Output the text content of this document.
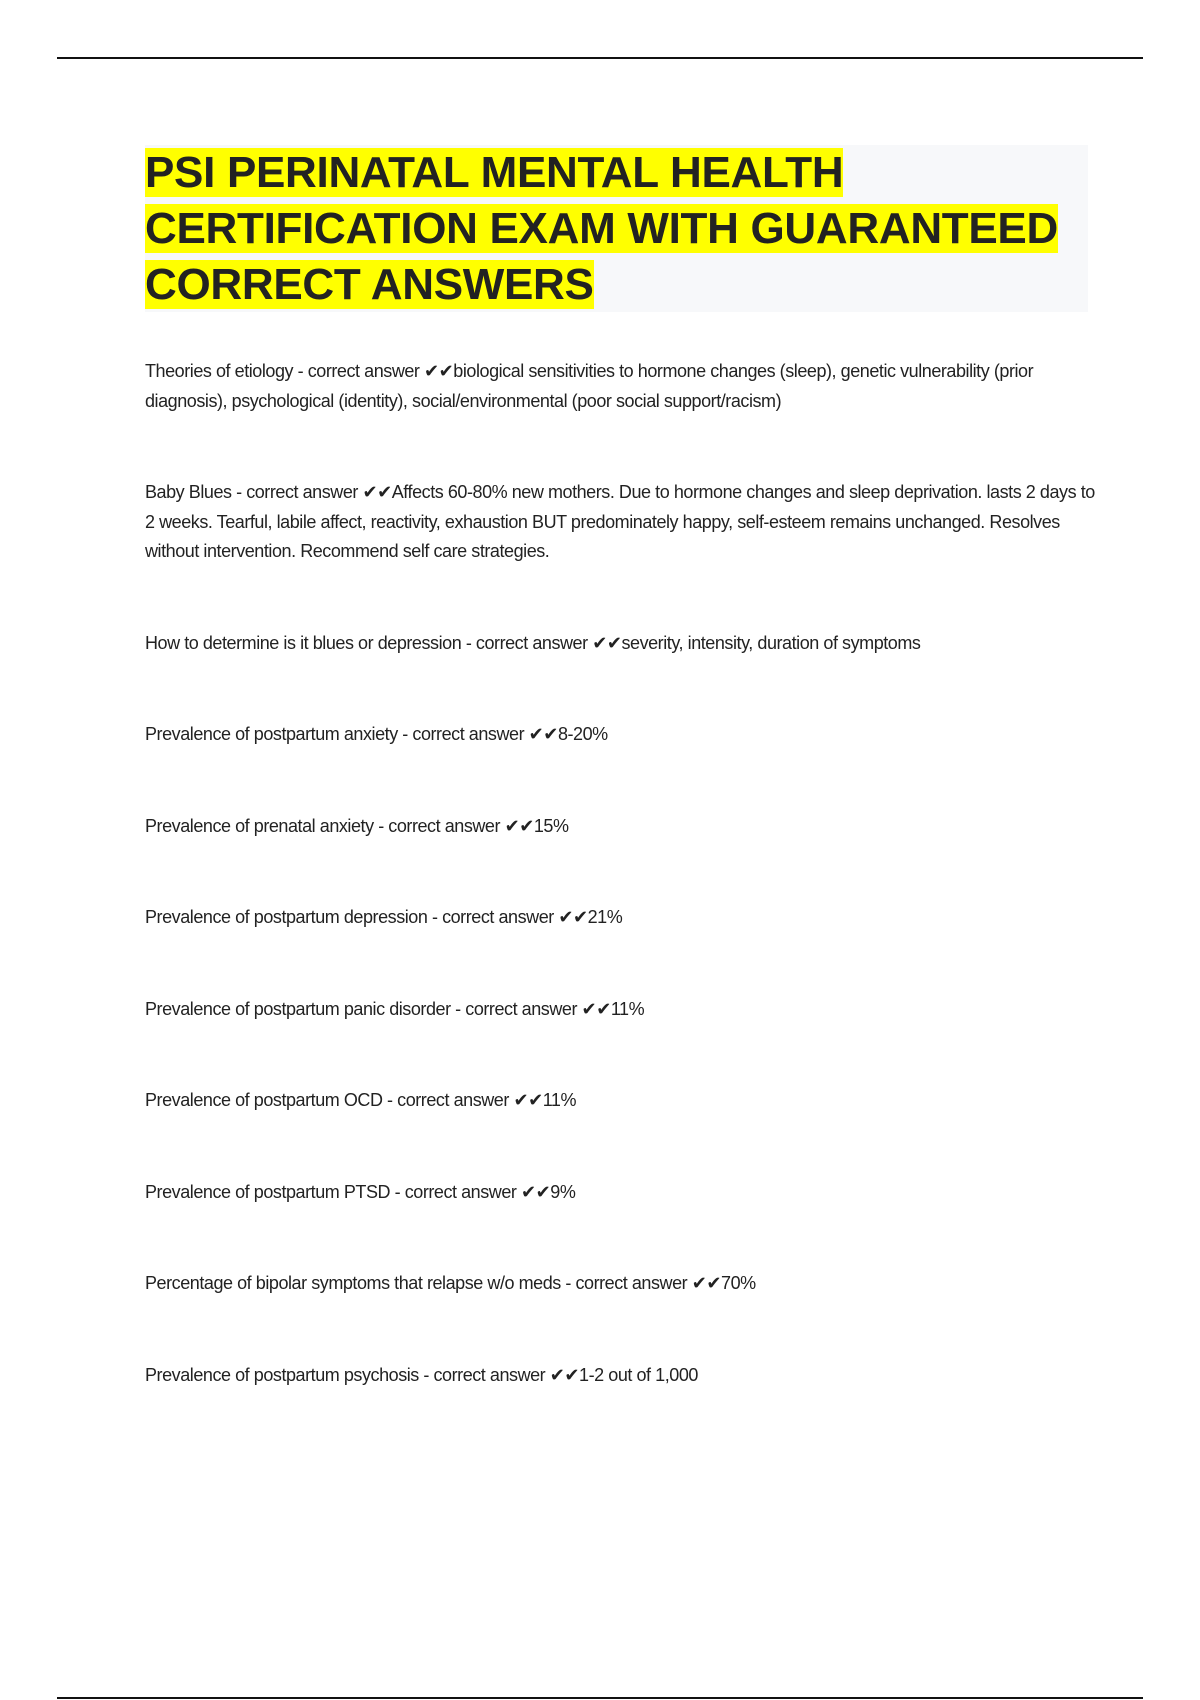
PSI PERINATAL MENTAL HEALTH CERTIFICATION EXAM WITH GUARANTEED CORRECT ANSWERS

Theories of etiology - correct answer ✔✔biological sensitivities to hormone changes (sleep), genetic vulnerability (prior diagnosis), psychological (identity), social/environmental (poor social support/racism)

Baby Blues - correct answer ✔✔Affects 60-80% new mothers. Due to hormone changes and sleep deprivation. lasts 2 days to 2 weeks. Tearful, labile affect, reactivity, exhaustion BUT predominately happy, self-esteem remains unchanged. Resolves without intervention. Recommend self care strategies.

How to determine is it blues or depression - correct answer ✔✔severity, intensity, duration of symptoms

Prevalence of postpartum anxiety - correct answer ✔✔8-20%

Prevalence of prenatal anxiety - correct answer ✔✔15%

Prevalence of postpartum depression - correct answer ✔✔21%

Prevalence of postpartum panic disorder - correct answer ✔✔11%

Prevalence of postpartum OCD - correct answer ✔✔11%

Prevalence of postpartum PTSD - correct answer ✔✔9%

Percentage of bipolar symptoms that relapse w/o meds - correct answer ✔✔70%

Prevalence of postpartum psychosis - correct answer ✔✔1-2 out of 1,000
